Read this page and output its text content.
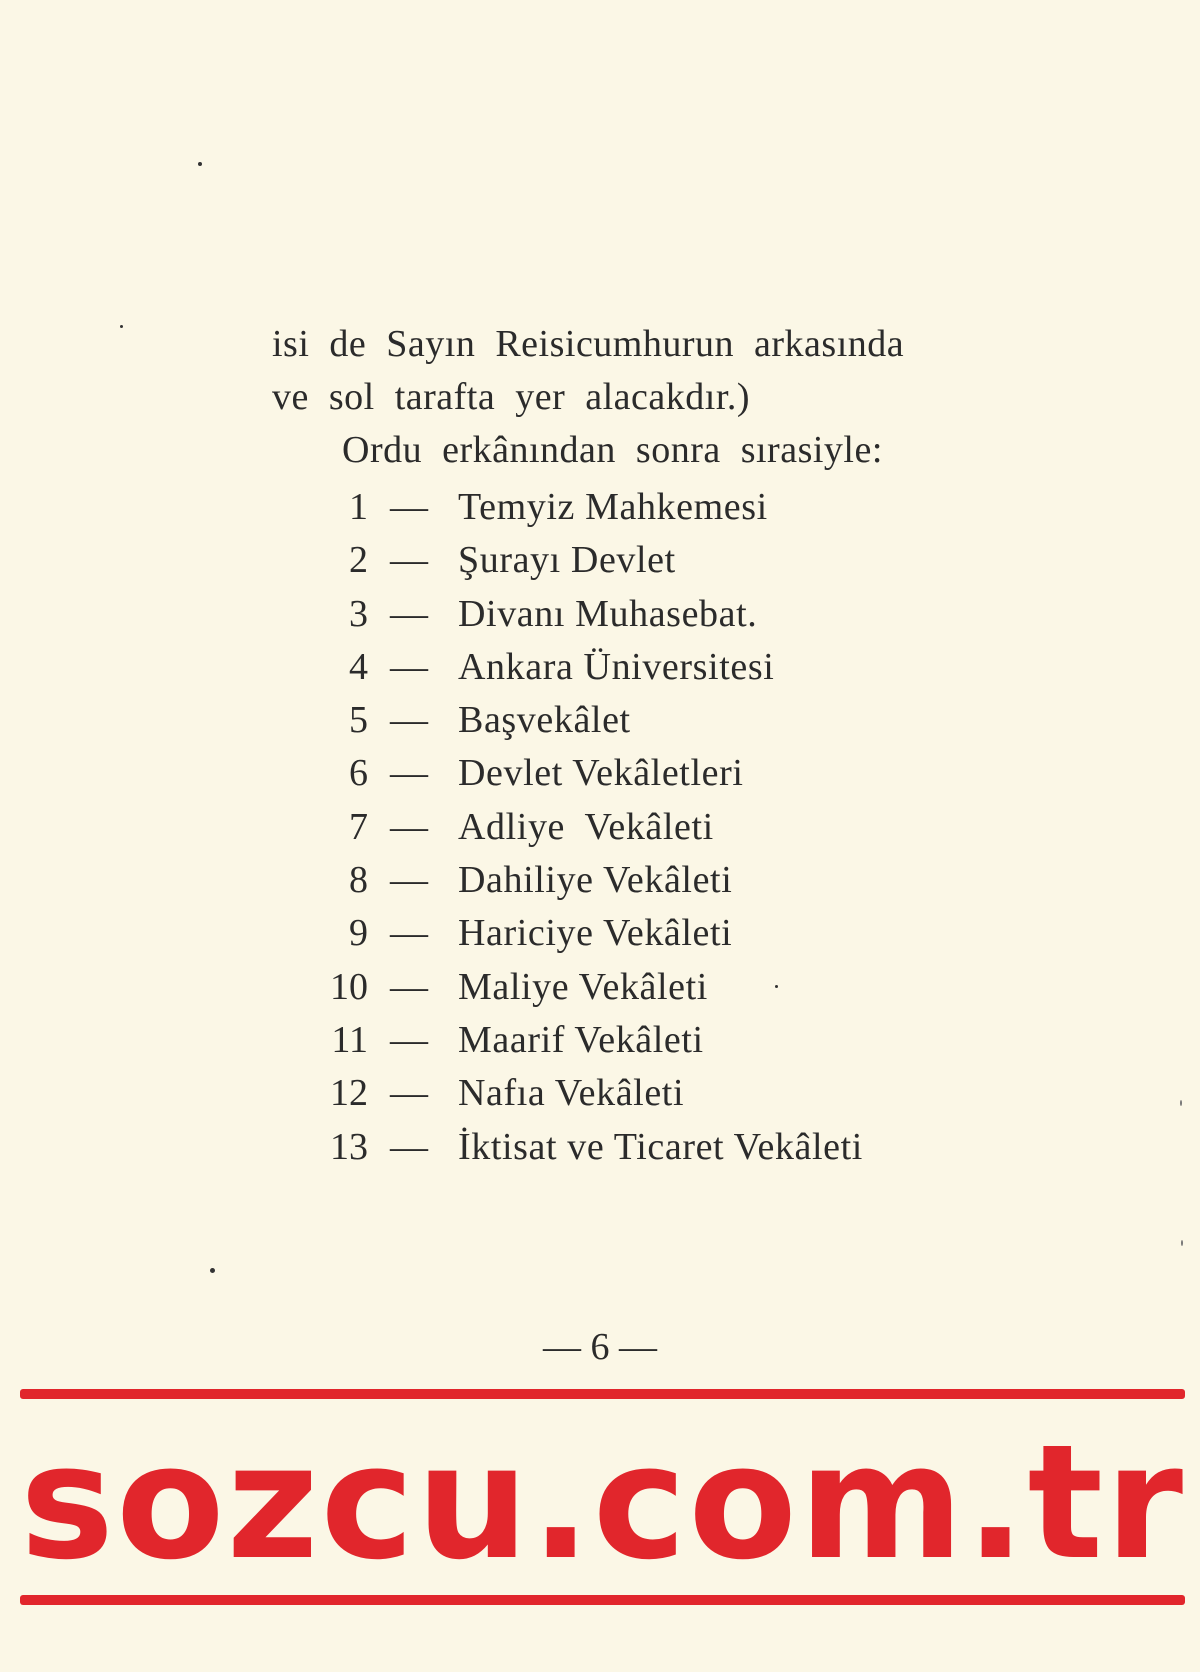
isi de Sayın Reisicumhurun arkasında
ve sol tarafta yer alacakdır.)
Ordu erkânından sonra sırasiyle:
1 — Temyiz Mahkemesi
2 — Şurayı Devlet
3 — Divanı Muhasebat.
4 — Ankara Üniversitesi
5 — Başvekâlet
6 — Devlet Vekâletleri
7 — Adliye  Vekâleti
8 — Dahiliye Vekâleti
9 — Hariciye Vekâleti
10 — Maliye Vekâleti
11 — Maarif Vekâleti
12 — Nafıa Vekâleti
13 — İktisat ve Ticaret Vekâleti
— 6 —
sozcu.com.tr
